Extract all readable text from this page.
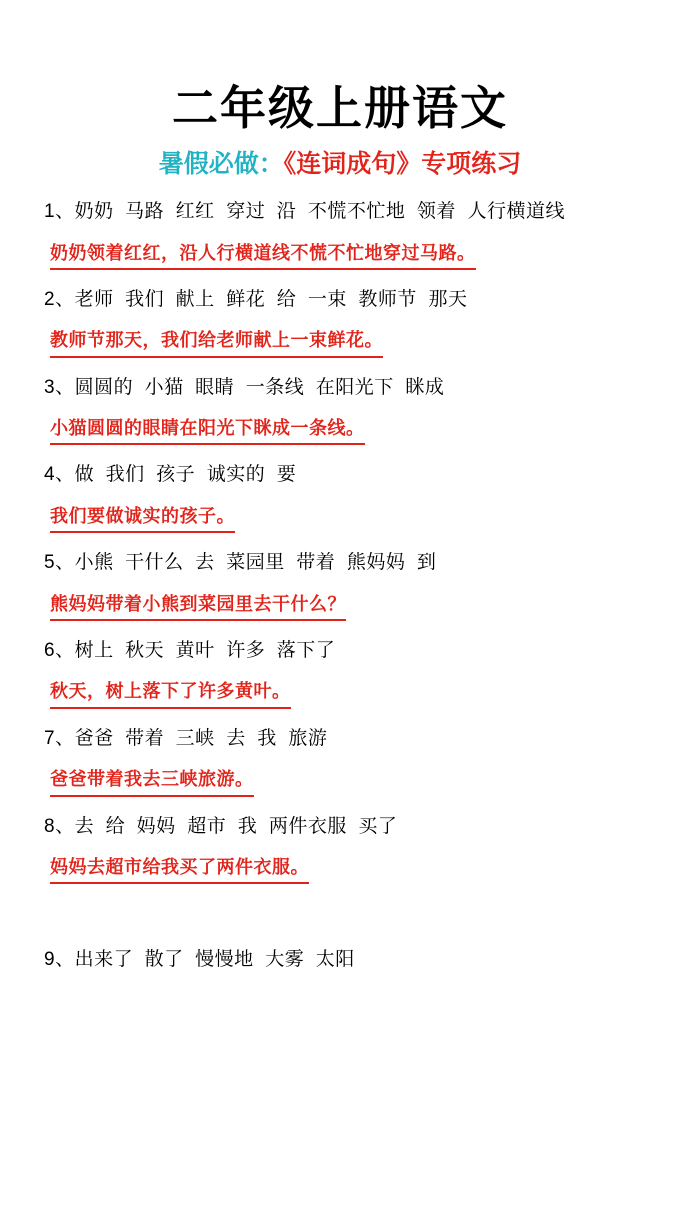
二年级上册语文
暑假必做：《连词成句》专项练习
1、奶奶  马路  红红  穿过  沿  不慌不忙地  领着  人行横道线
奶奶领着红红，沿人行横道线不慌不忙地穿过马路。
2、老师  我们  献上  鲜花  给  一束  教师节  那天
教师节那天，我们给老师献上一束鲜花。
3、圆圆的  小猫  眼睛  一条线  在阳光下  眯成
小猫圆圆的眼睛在阳光下眯成一条线。
4、做  我们  孩子  诚实的  要
我们要做诚实的孩子。
5、小熊  干什么  去  菜园里  带着  熊妈妈  到
熊妈妈带着小熊到菜园里去干什么？
6、树上  秋天  黄叶  许多  落下了
秋天，树上落下了许多黄叶。
7、爸爸  带着  三峡  去  我  旅游
爸爸带着我去三峡旅游。
8、去  给  妈妈  超市  我  两件衣服  买了
妈妈去超市给我买了两件衣服。
9、出来了  散了  慢慢地  大雾  太阳
